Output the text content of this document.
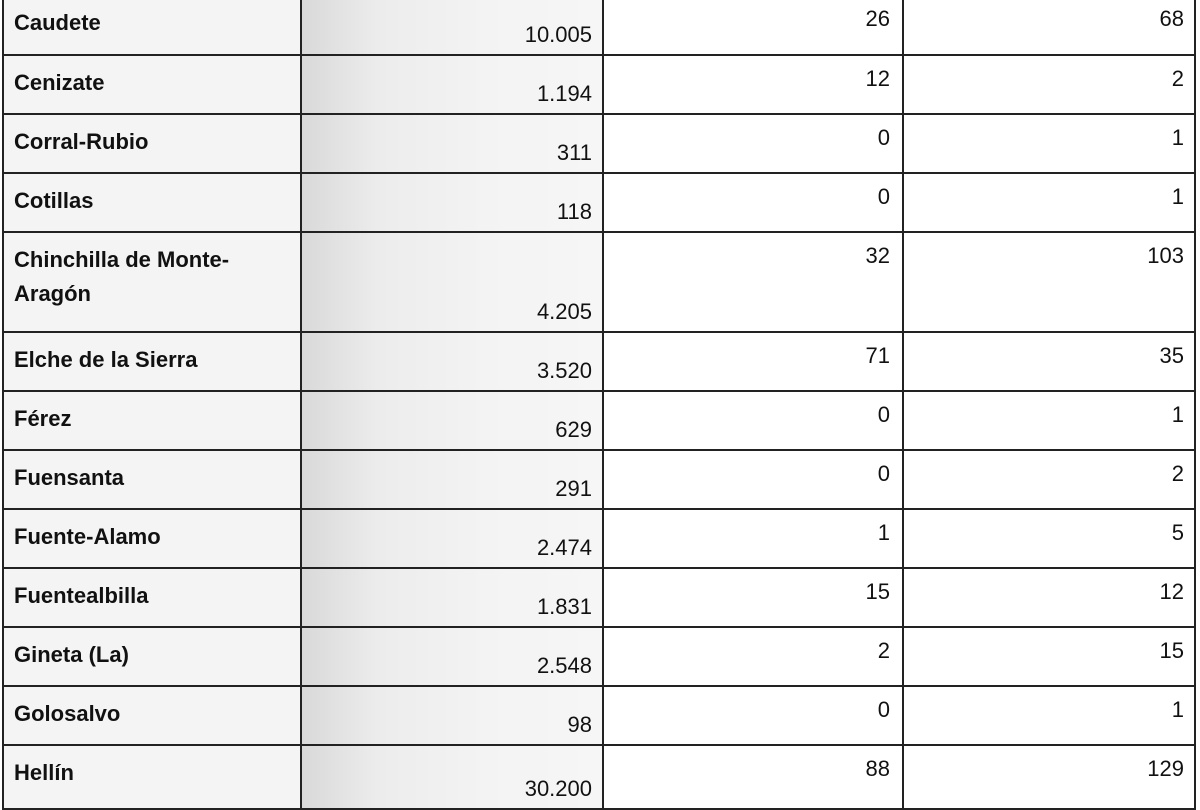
Caudete	10.005	26	68
Cenizate	1.194	12	2
Corral-Rubio	311	0	1
Cotillas	118	0	1
Chinchilla de Monte-Aragón	4.205	32	103
Elche de la Sierra	3.520	71	35
Férez	629	0	1
Fuensanta	291	0	2
Fuente-Alamo	2.474	1	5
Fuentealbilla	1.831	15	12
Gineta (La)	2.548	2	15
Golosalvo	98	0	1
Hellín	30.200	88	129
